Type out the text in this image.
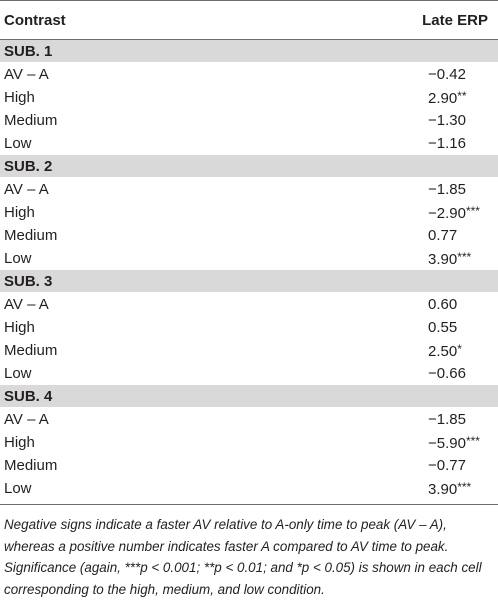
Contrast	Late ERP
SUB. 1
AV – A	−0.42
High	2.90**
Medium	−1.30
Low	−1.16
SUB. 2
AV – A	−1.85
High	−2.90***
Medium	0.77
Low	3.90***
SUB. 3
AV – A	0.60
High	0.55
Medium	2.50*
Low	−0.66
SUB. 4
AV – A	−1.85
High	−5.90***
Medium	−0.77
Low	3.90***
Negative signs indicate a faster AV relative to A-only time to peak (AV – A), whereas a positive number indicates faster A compared to AV time to peak. Significance (again, ***p < 0.001; **p < 0.01; and *p < 0.05) is shown in each cell corresponding to the high, medium, and low condition.
